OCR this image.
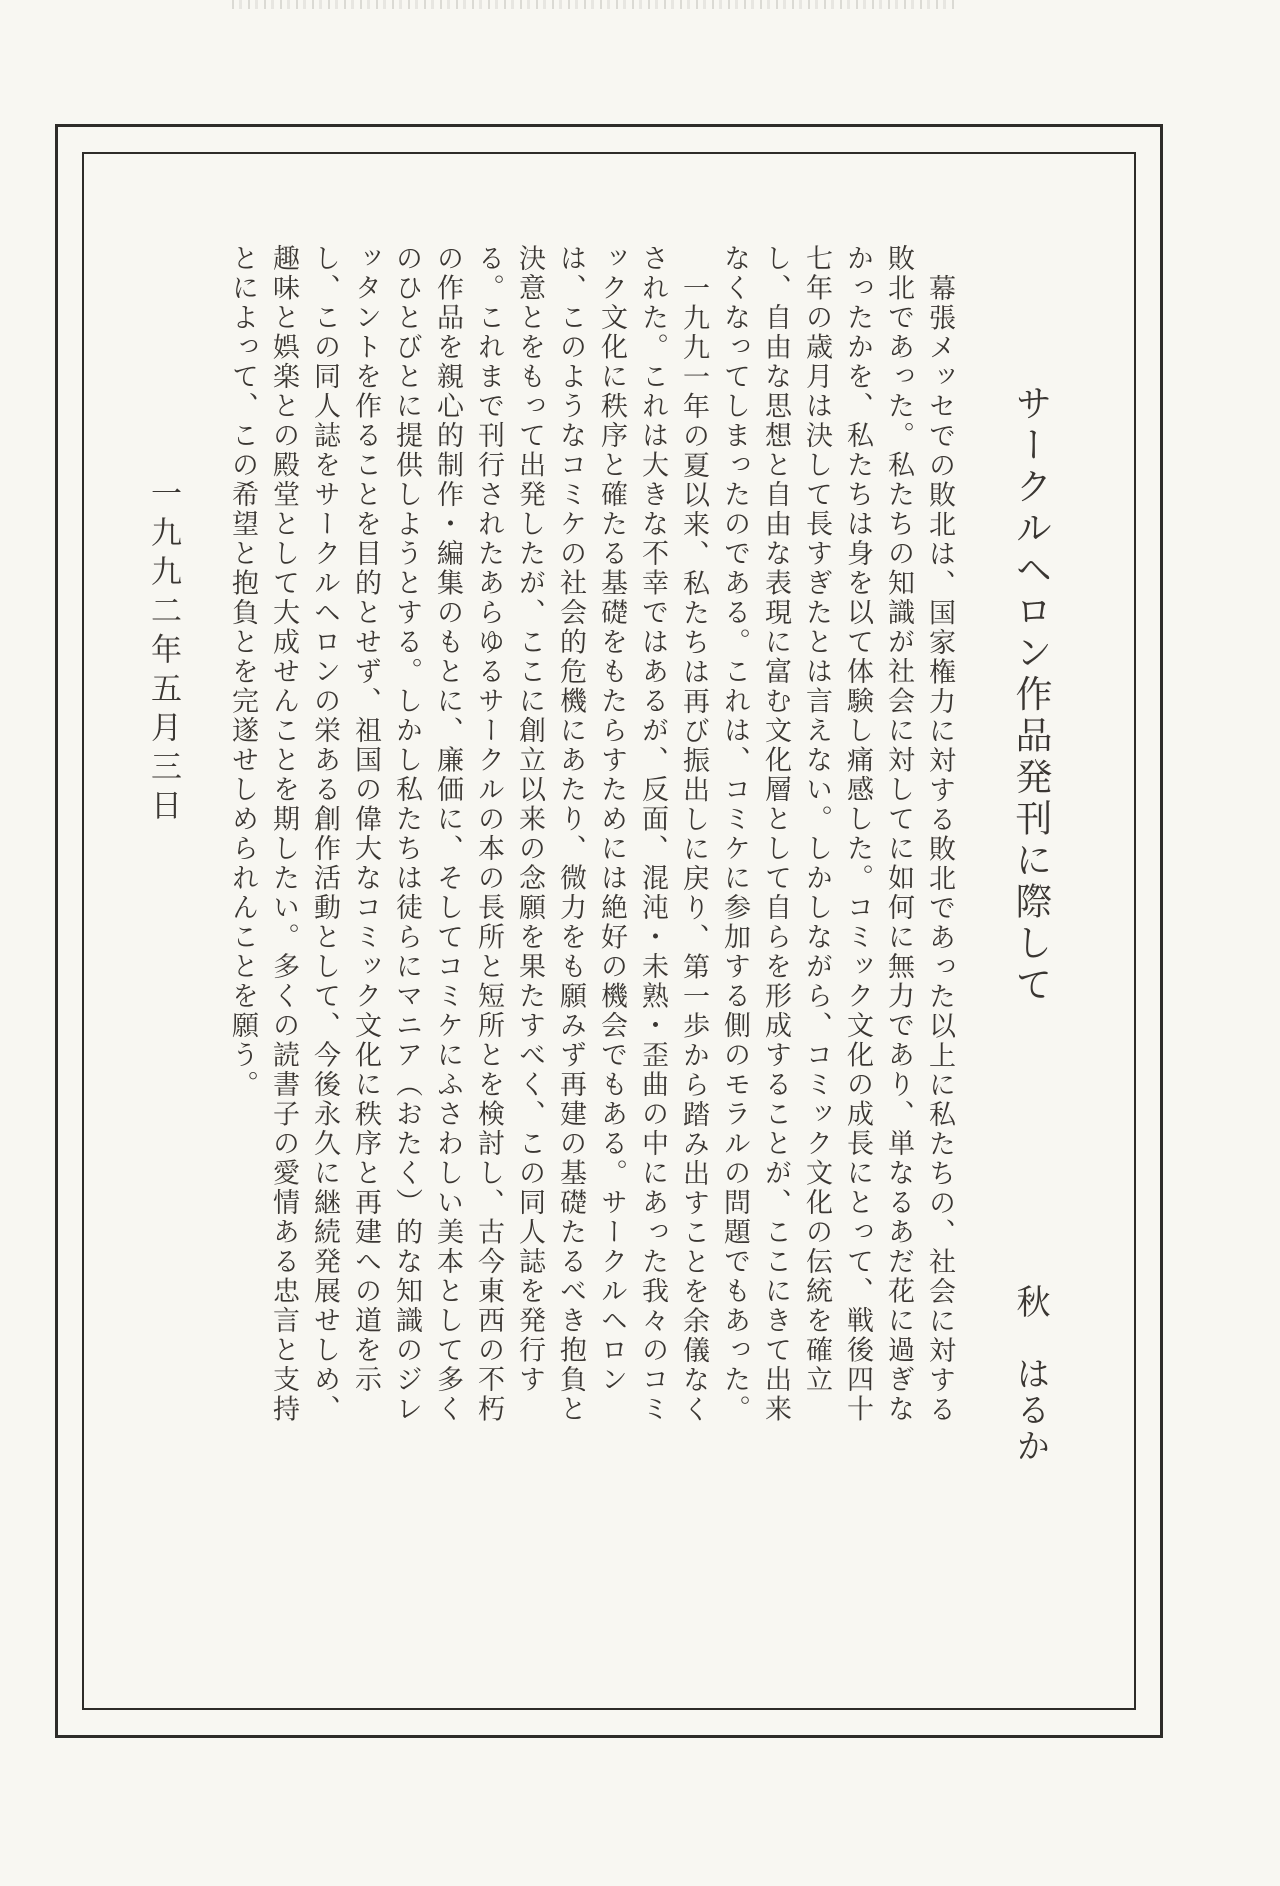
サークルヘロン作品発刊に際して

幕張メッセでの敗北は、国家権力に対する敗北であった以上に私たちの、社会に対する敗北であった。私たちの知識が社会に対してに如何に無力であり、単なるあだ花に過ぎなかったかを、私たちは身を以て体験し痛感した。コミック文化の成長にとって、戦後四十七年の歳月は決して長すぎたとは言えない。しかしながら、コミック文化の伝統を確立し、自由な思想と自由な表現に富む文化層として自らを形成することが、ここにきて出来なくなってしまったのである。これは、コミケに参加する側のモラルの問題でもあった。

一九九一年の夏以来、私たちは再び振出しに戻り、第一歩から踏み出すことを余儀なくされた。これは大きな不幸ではあるが、反面、混沌・未熟・歪曲の中にあった我々のコミック文化に秩序と確たる基礎をもたらすためには絶好の機会でもある。サークルヘロンは、このようなコミケの社会的危機にあたり、微力をも願みず再建の基礎たるべき抱負と決意とをもって出発したが、ここに創立以来の念願を果たすべく、この同人誌を発行する。これまで刊行されたあらゆるサークルの本の長所と短所とを検討し、古今東西の不朽の作品を親心的制作・編集のもとに、廉価に、そしてコミケにふさわしい美本として多くのひとびとに提供しようとする。しかし私たちは徒らにマニア（おたく）的な知識のジレッタントを作ることを目的とせず、祖国の偉大なコミック文化に秩序と再建への道を示し、この同人誌をサークルヘロンの栄ある創作活動として、今後永久に継続発展せしめ、趣味と娯楽との殿堂として大成せんことを期したい。多くの読書子の愛情ある忠言と支持とによって、この希望と抱負とを完遂せしめられんことを願う。

秋　はるか
一九九二年五月三日
